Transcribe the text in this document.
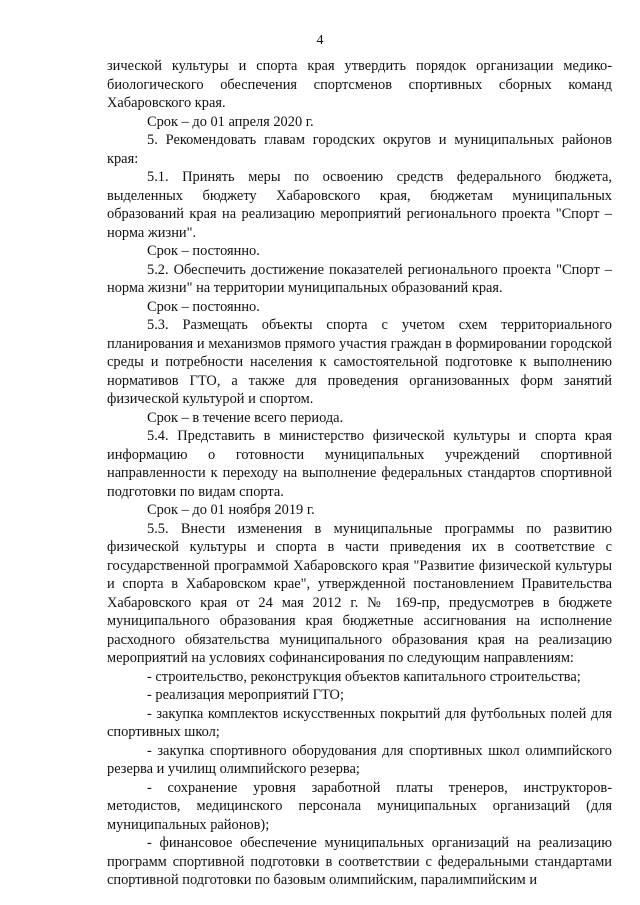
4

зической культуры и спорта края утвердить порядок организации медико-биологического обеспечения спортсменов спортивных сборных команд Хабаровского края.

Срок – до 01 апреля 2020 г.

5. Рекомендовать главам городских округов и муниципальных районов края:

5.1. Принять меры по освоению средств федерального бюджета, выделенных бюджету Хабаровского края, бюджетам муниципальных образований края на реализацию мероприятий регионального проекта "Спорт – норма жизни".

Срок – постоянно.

5.2. Обеспечить достижение показателей регионального проекта "Спорт – норма жизни" на территории муниципальных образований края.

Срок – постоянно.

5.3. Размещать объекты спорта с учетом схем территориального планирования и механизмов прямого участия граждан в формировании городской среды и потребности населения к самостоятельной подготовке к выполнению нормативов ГТО, а также для проведения организованных форм занятий физической культурой и спортом.

Срок – в течение всего периода.

5.4. Представить в министерство физической культуры и спорта края информацию о готовности муниципальных учреждений спортивной направленности к переходу на выполнение федеральных стандартов спортивной подготовки по видам спорта.

Срок – до 01 ноября 2019 г.

5.5. Внести изменения в муниципальные программы по развитию физической культуры и спорта в части приведения их в соответствие с государственной программой Хабаровского края "Развитие физической культуры и спорта в Хабаровском крае", утвержденной постановлением Правительства Хабаровского края от 24 мая 2012 г. № 169-пр, предусмотрев в бюджете муниципального образования края бюджетные ассигнования на исполнение расходного обязательства муниципального образования края на реализацию мероприятий на условиях софинансирования по следующим направлениям:

- строительство, реконструкция объектов капитального строительства;

- реализация мероприятий ГТО;

- закупка комплектов искусственных покрытий для футбольных полей для спортивных школ;

- закупка спортивного оборудования для спортивных школ олимпийского резерва и училищ олимпийского резерва;

- сохранение уровня заработной платы тренеров, инструкторов-методистов, медицинского персонала муниципальных организаций (для муниципальных районов);

- финансовое обеспечение муниципальных организаций на реализацию программ спортивной подготовки в соответствии с федеральными стандартами спортивной подготовки по базовым олимпийским, паралимпийским и
